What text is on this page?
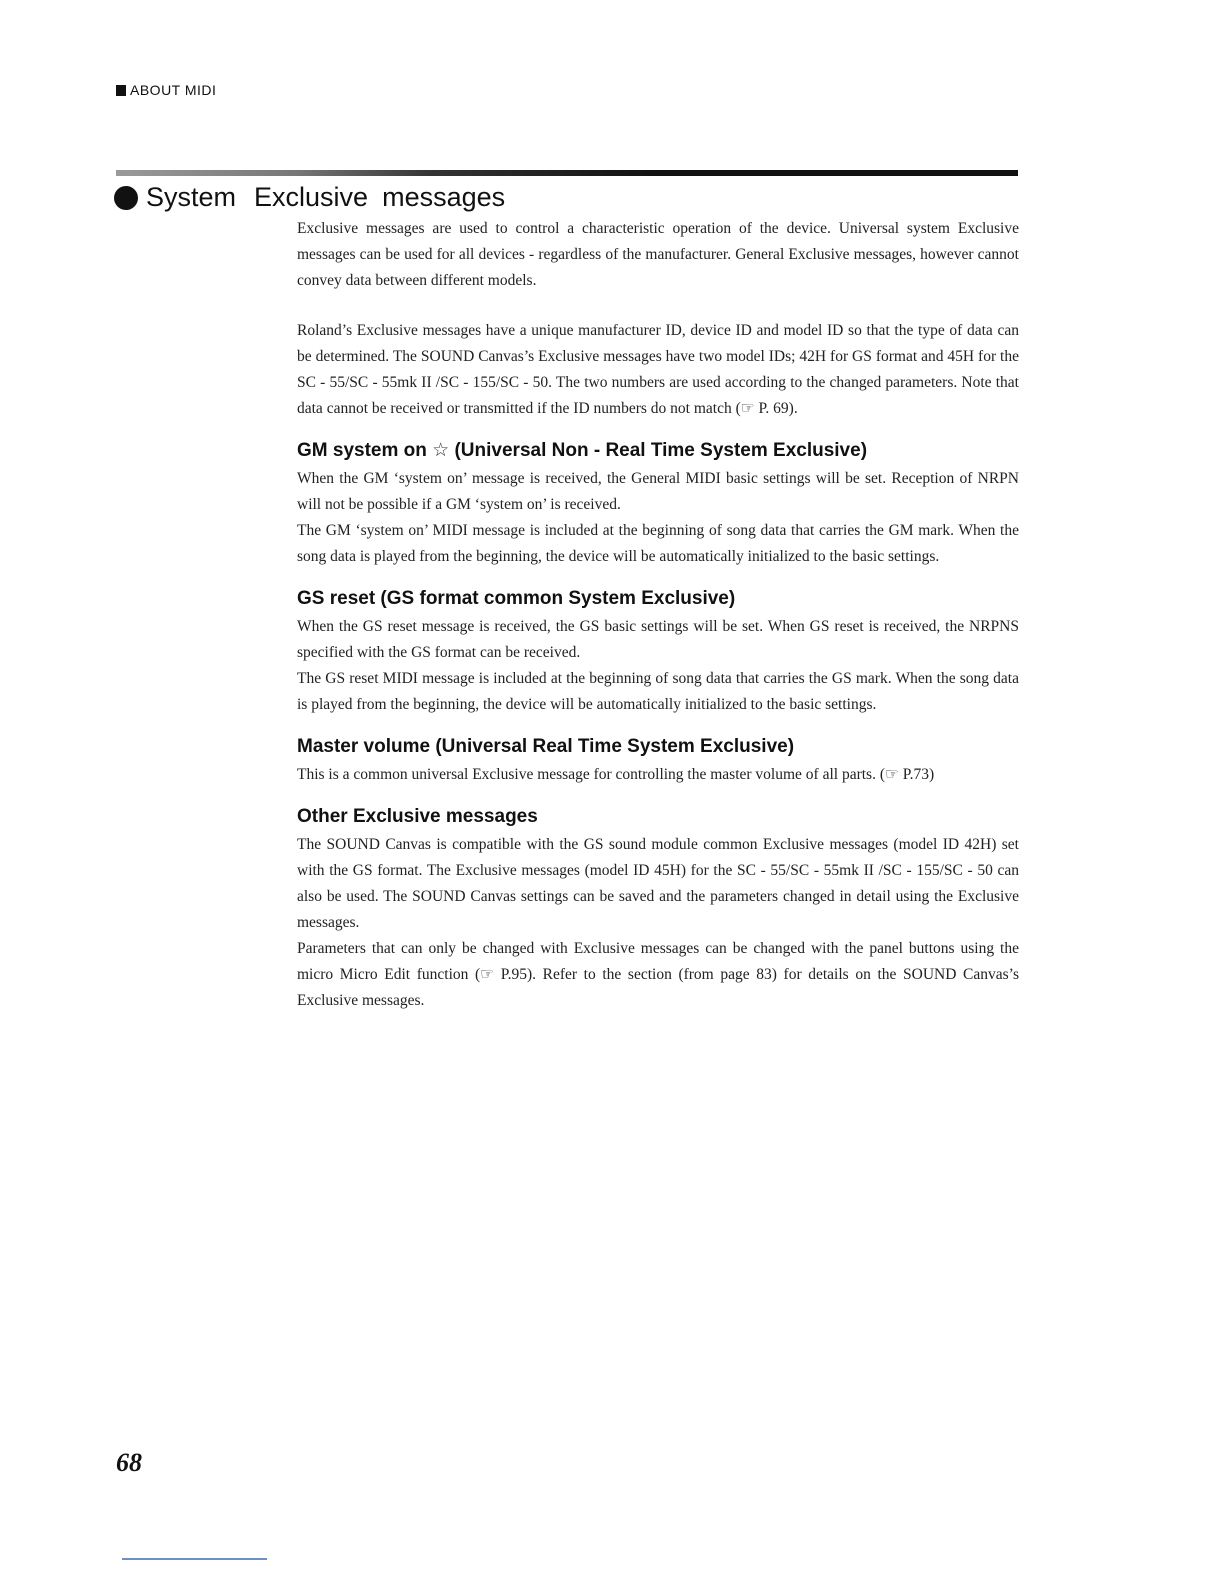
ABOUT MIDI
System Exclusive messages

Exclusive messages are used to control a characteristic operation of the device. Universal system Exclusive messages can be used for all devices - regardless of the manufacturer. General Exclusive messages, however cannot convey data between different models.

Roland’s Exclusive messages have a unique manufacturer ID, device ID and model ID so that the type of data can be determined. The SOUND Canvas’s Exclusive messages have two model IDs; 42H for GS format and 45H for the SC - 55/SC - 55mk II /SC - 155/SC - 50. The two numbers are used according to the changed parameters. Note that data cannot be received or transmitted if the ID numbers do not match (☞ P. 69).

GM system on ☆ (Universal Non - Real Time System Exclusive)

When the GM ‘system on’ message is received, the General MIDI basic settings will be set. Reception of NRPN will not be possible if a GM ‘system on’ is received.

The GM ‘system on’ MIDI message is included at the beginning of song data that carries the GM mark. When the song data is played from the beginning, the device will be automatically initialized to the basic settings.

GS reset (GS format common System Exclusive)

When the GS reset message is received, the GS basic settings will be set. When GS reset is received, the NRPNS specified with the GS format can be received.

The GS reset MIDI message is included at the beginning of song data that carries the GS mark. When the song data is played from the beginning, the device will be automatically initialized to the basic settings.

Master volume (Universal Real Time System Exclusive)

This is a common universal Exclusive message for controlling the master volume of all parts. (☞ P.73)

Other Exclusive messages

The SOUND Canvas is compatible with the GS sound module common Exclusive messages (model ID 42H) set with the GS format. The Exclusive messages (model ID 45H) for the SC - 55/SC - 55mk II /SC - 155/SC - 50 can also be used. The SOUND Canvas settings can be saved and the parameters changed in detail using the Exclusive messages.

Parameters that can only be changed with Exclusive messages can be changed with the panel buttons using the micro Micro Edit function (☞ P.95). Refer to the section (from page 83) for details on the SOUND Canvas’s Exclusive messages.

68
